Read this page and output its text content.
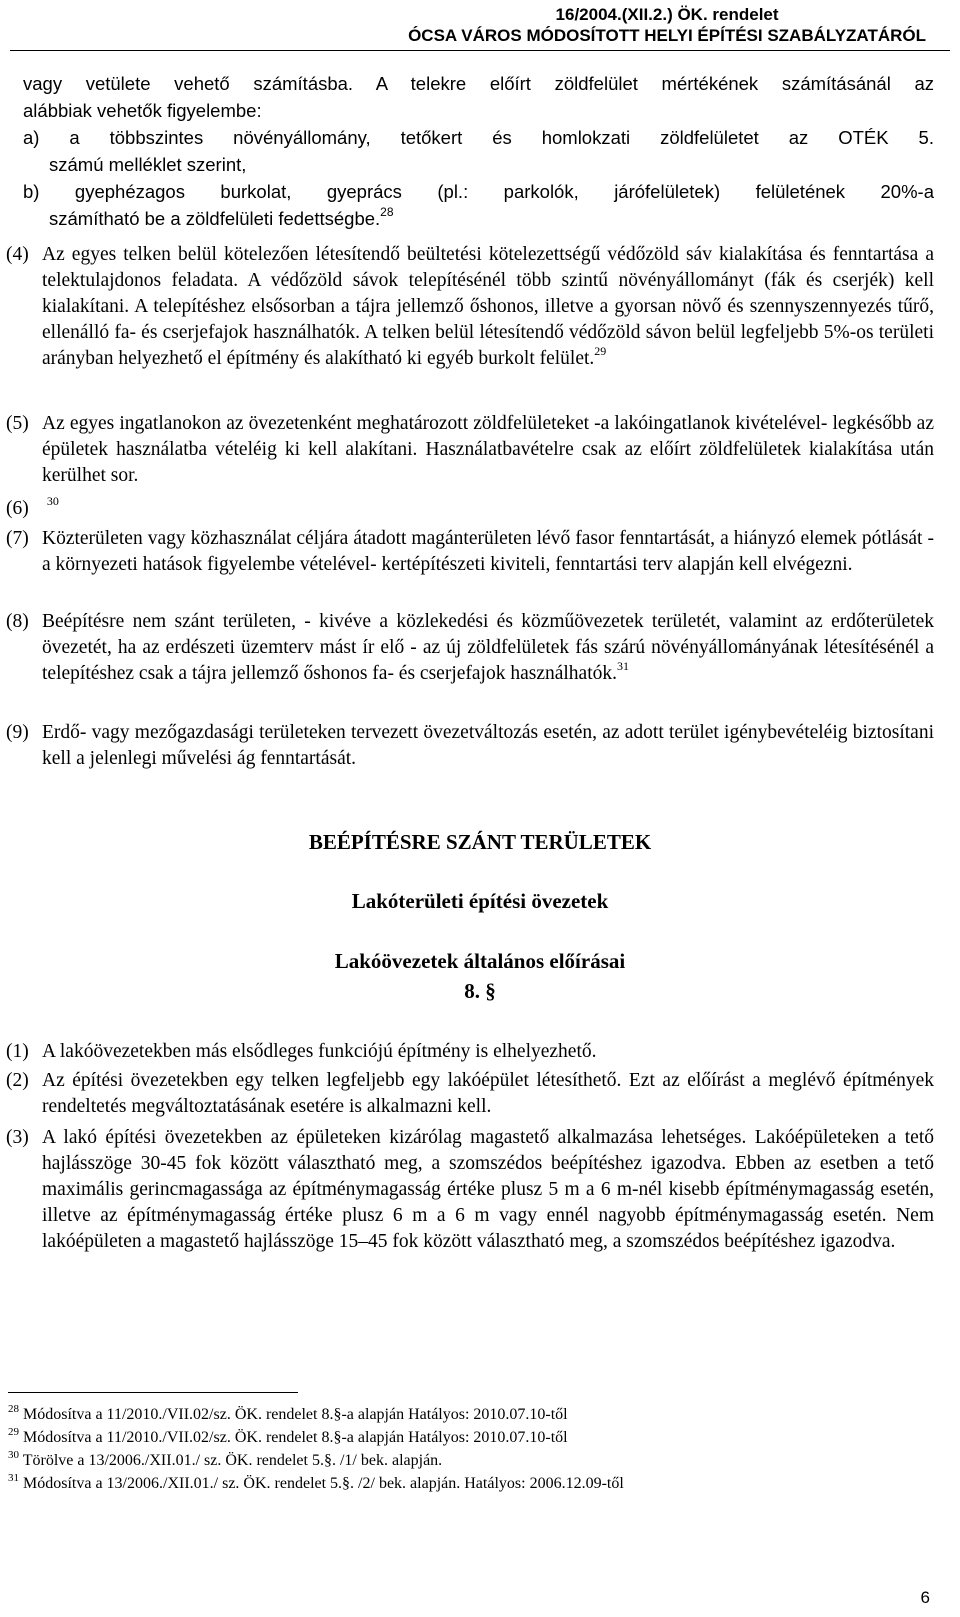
16/2004.(XII.2.) ÖK. rendelet
ÓCSA VÁROS MÓDOSÍTOTT HELYI ÉPÍTÉSI SZABÁLYZATÁRÓL
vagy vetülete vehető számításba. A telekre előírt zöldfelület mértékének számításánál az
alábbiak vehetők figyelembe:
a) a többszintes növényállomány, tetőkert és homlokzati zöldfelületet az OTÉK 5.
számú melléklet szerint,
b) gyephézagos burkolat, gyeprács (pl.: parkolók, járófelületek) felületének 20%-a
számítható be a zöldfelületi fedettségbe.$^{28}$
(4) Az egyes telken belül kötelezően létesítendő beültetési kötelezettségű védőzöld sáv kialakítása és fenntartása a telektulajdonos feladata. A védőzöld sávok telepítésénél több szintű növényállományt (fák és cserjék) kell kialakítani. A telepítéshez elsősorban a tájra jellemző őshonos, illetve a gyorsan növő és szennyszennyezés tűrő, ellenálló fa- és cserjefajok használhatók. A telken belül létesítendő védőzöld sávon belül legfeljebb 5%-os területi arányban helyezhető el építmény és alakítható ki egyéb burkolt felület.$^{29}$
(5) Az egyes ingatlanokon az övezetenként meghatározott zöldfelületeket -a lakóingatlanok kivételével- legkésőbb az épületek használatba vételéig ki kell alakítani. Használatbavételre csak az előírt zöldfelületek kialakítása után kerülhet sor.
(6) $^{30}$
(7) Közterületen vagy közhasználat céljára átadott magánterületen lévő fasor fenntartását, a hiányzó elemek pótlását -a környezeti hatások figyelembe vételével- kertépítészeti kiviteli, fenntartási terv alapján kell elvégezni.
(8) Beépítésre nem szánt területen, - kivéve a közlekedési és közműövezetek területét, valamint az erdőterületek övezetét, ha az erdészeti üzemterv mást ír elő - az új zöldfelületek fás szárú növényállományának létesítésénél a telepítéshez csak a tájra jellemző őshonos fa- és cserjefajok használhatók.$^{31}$
(9) Erdő- vagy mezőgazdasági területeken tervezett övezetváltozás esetén, az adott terület igénybevételéig biztosítani kell a jelenlegi művelési ág fenntartását.
BEÉPÍTÉSRE SZÁNT TERÜLETEK
Lakóterületi építési övezetek
Lakóövezetek általános előírásai
8. §
(1) A lakóövezetekben más elsődleges funkciójú építmény is elhelyezhető.
(2) Az építési övezetekben egy telken legfeljebb egy lakóépület létesíthető. Ezt az előírást a meglévő építmények rendeltetés megváltoztatásának esetére is alkalmazni kell.
(3) A lakó építési övezetekben az épületeken kizárólag magastető alkalmazása lehetséges. Lakóépületeken a tető hajlásszöge 30-45 fok között választható meg, a szomszédos beépítéshez igazodva. Ebben az esetben a tető maximális gerincmagassága az építménymagasság értéke plusz 5 m a 6 m-nél kisebb építménymagasság esetén, illetve az építménymagasság értéke plusz 6 m a 6 m vagy ennél nagyobb építménymagasság esetén. Nem lakóépületen a magastető hajlásszöge 15–45 fok között választható meg, a szomszédos beépítéshez igazodva.
$^{28}$ Módosítva a 11/2010./VII.02/sz. ÖK. rendelet 8.§-a alapján Hatályos: 2010.07.10-től
$^{29}$ Módosítva a 11/2010./VII.02/sz. ÖK. rendelet 8.§-a alapján Hatályos: 2010.07.10-től
$^{30}$ Törölve a 13/2006./XII.01./ sz. ÖK. rendelet 5.§. /1/ bek. alapján.
$^{31}$ Módosítva a 13/2006./XII.01./ sz. ÖK. rendelet 5.§. /2/ bek. alapján. Hatályos: 2006.12.09-től
6
